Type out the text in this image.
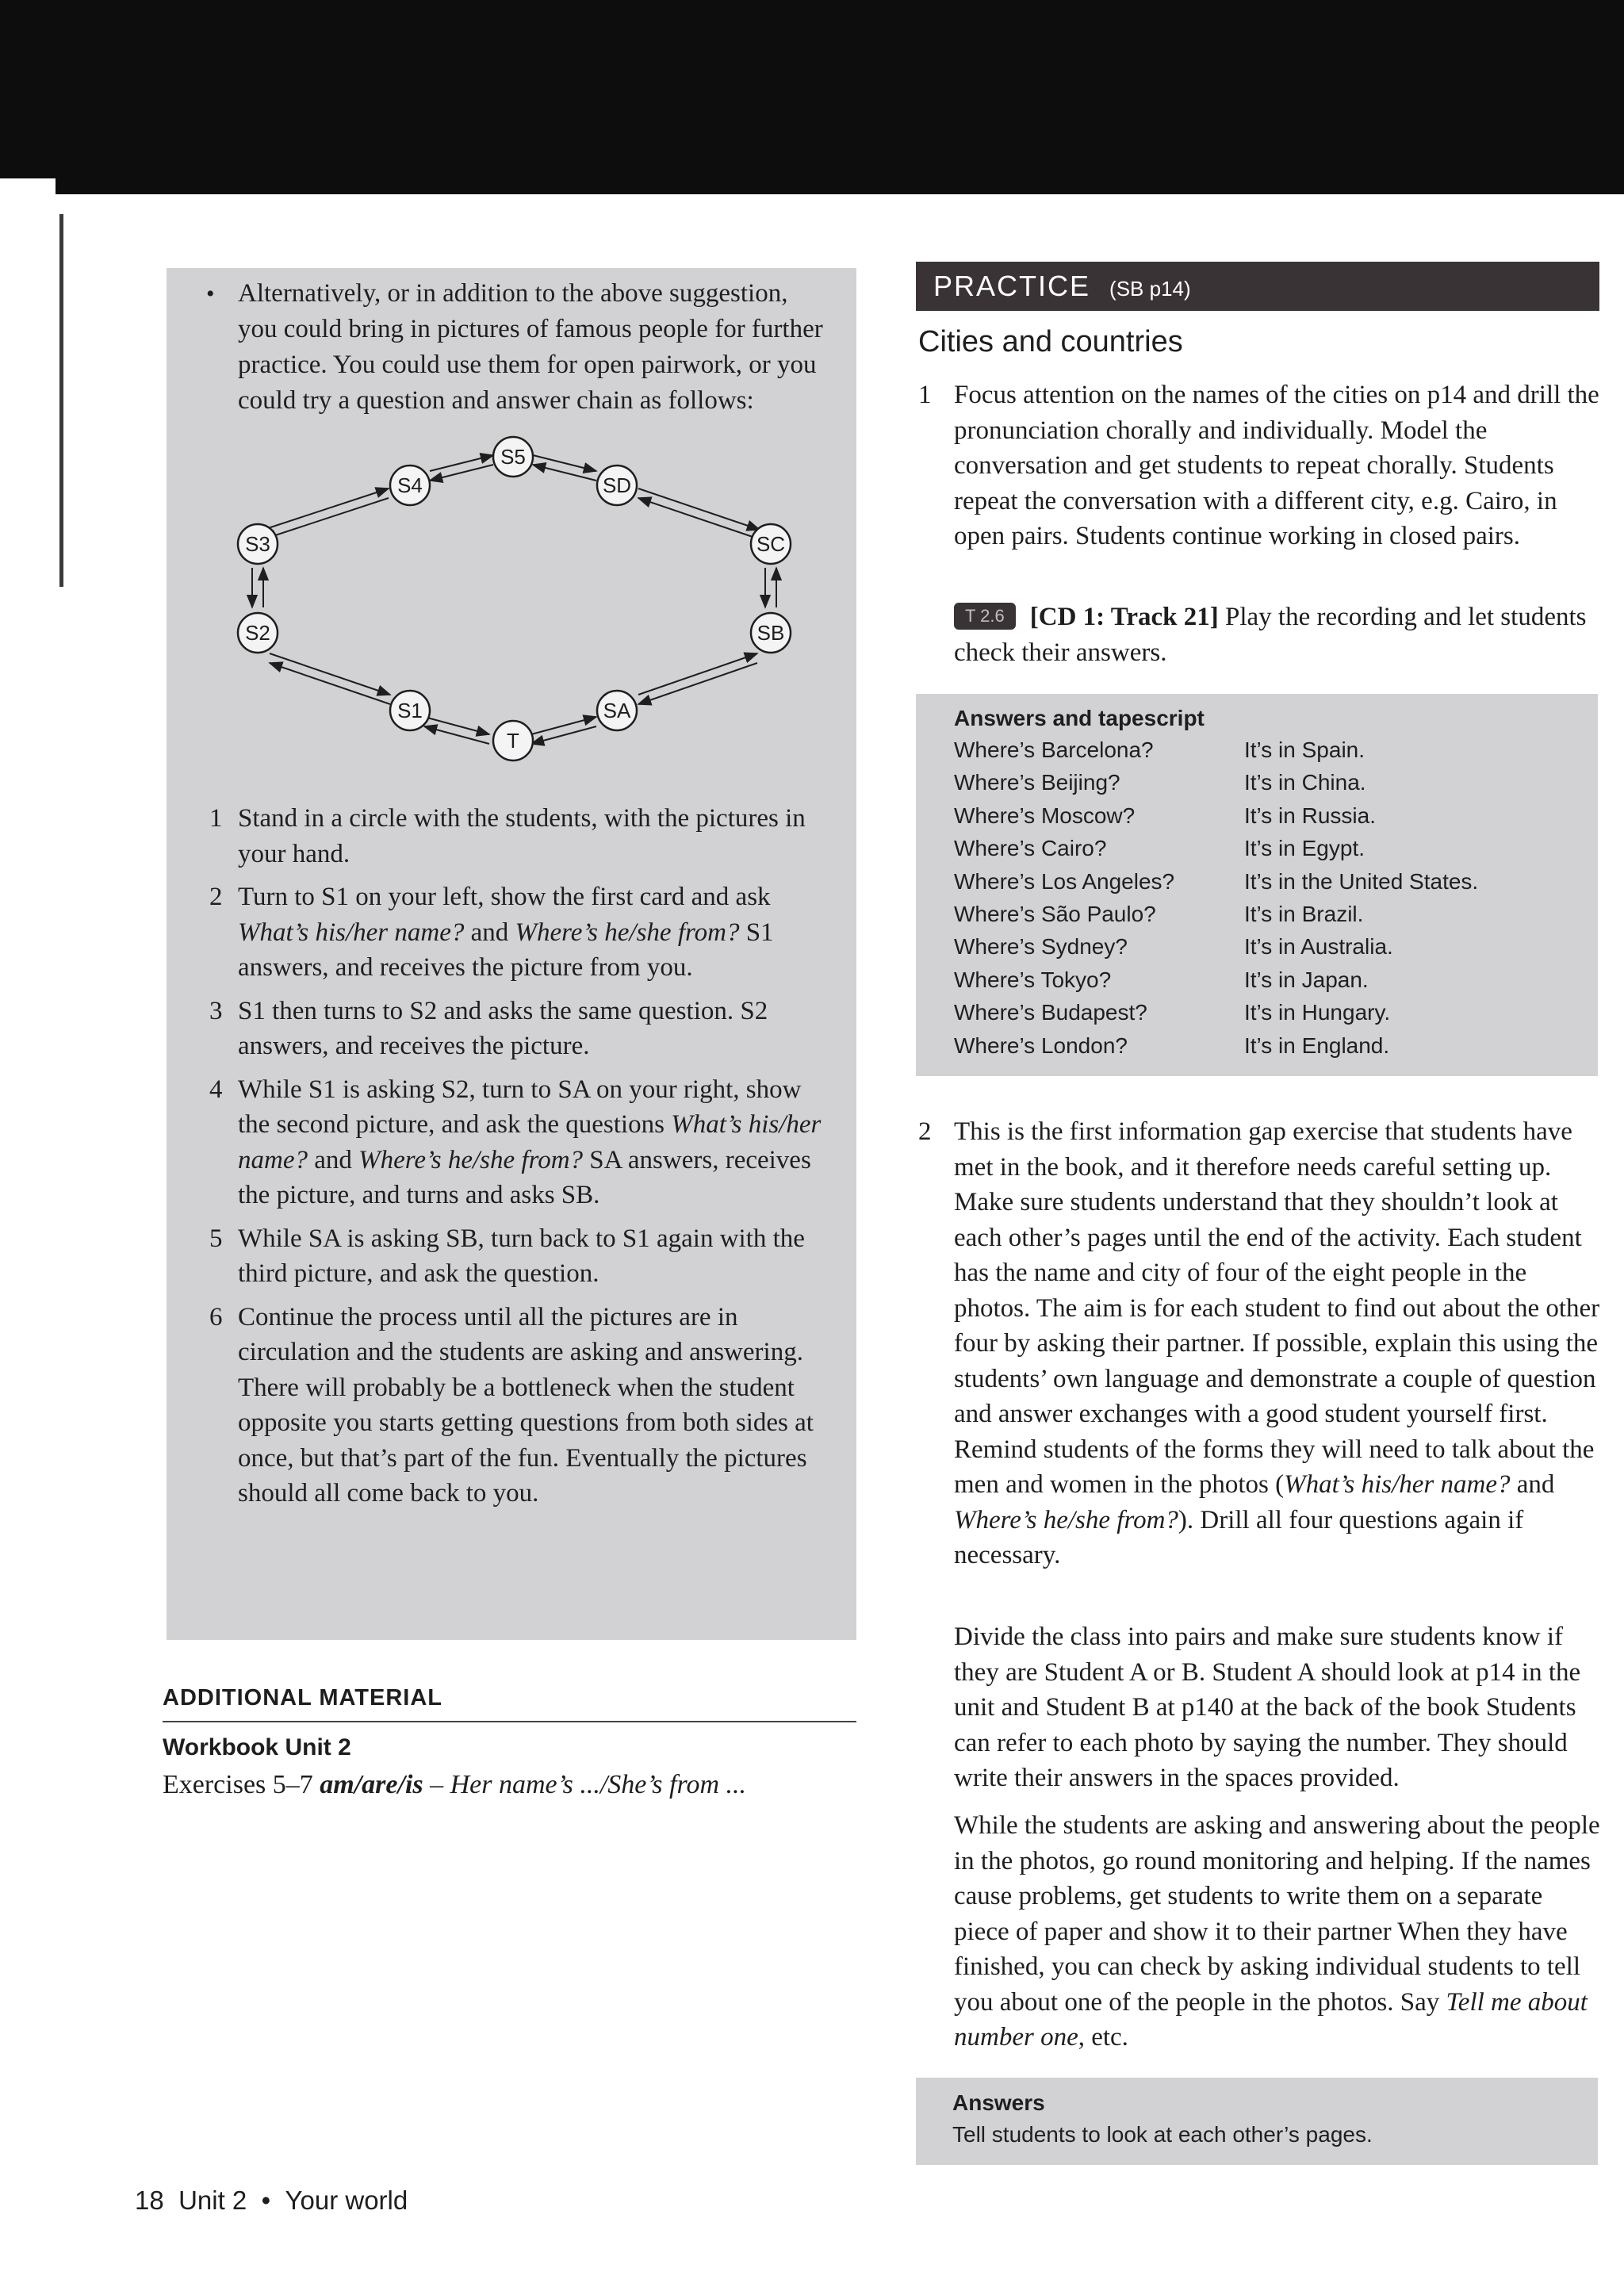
• Alternatively, or in addition to the above suggestion, you could bring in pictures of famous people for further practice. You could use them for open pairwork, or you could try a question and answer chain as follows:

S5
S4	SD
S3	SC
S2	SB
S1	SA
T
1 Stand in a circle with the students, with the pictures in your hand.
2 Turn to S1 on your left, show the first card and ask What’s his/her name? and Where’s he/she from? S1 answers, and receives the picture from you.
3 S1 then turns to S2 and asks the same question. S2 answers, and receives the picture.
4 While S1 is asking S2, turn to SA on your right, show the second picture, and ask the questions What’s his/her name? and Where’s he/she from? SA answers, receives the picture, and turns and asks SB.
5 While SA is asking SB, turn back to S1 again with the third picture, and ask the question.
6 Continue the process until all the pictures are in circulation and the students are asking and answering. There will probably be a bottleneck when the student opposite you starts getting questions from both sides at once, but that’s part of the fun. Eventually the pictures should all come back to you.
ADDITIONAL MATERIAL
Workbook Unit 2
Exercises 5–7 am/are/is – Her name’s .../She’s from ...
18 Unit 2 • Your world
PRACTICE (SB p14)
Cities and countries
1 Focus attention on the names of the cities on p14 and drill the pronunciation chorally and individually. Model the conversation and get students to repeat chorally. Students repeat the conversation with a different city, e.g. Cairo, in open pairs. Students continue working in closed pairs.
T 2.6 [CD 1: Track 21] Play the recording and let students check their answers.
Answers and tapescript
Where’s Barcelona?	It’s in Spain.
Where’s Beijing?	It’s in China.
Where’s Moscow?	It’s in Russia.
Where’s Cairo?	It’s in Egypt.
Where’s Los Angeles?	It’s in the United States.
Where’s São Paulo?	It’s in Brazil.
Where’s Sydney?	It’s in Australia.
Where’s Tokyo?	It’s in Japan.
Where’s Budapest?	It’s in Hungary.
Where’s London?	It’s in England.
2 This is the first information gap exercise that students have met in the book, and it therefore needs careful setting up. Make sure students understand that they shouldn’t look at each other’s pages until the end of the activity. Each student has the name and city of four of the eight people in the photos. The aim is for each student to find out about the other four by asking their partner. If possible, explain this using the students’ own language and demonstrate a couple of question and answer exchanges with a good student yourself first. Remind students of the forms they will need to talk about the men and women in the photos (What’s his/her name? and Where’s he/she from?). Drill all four questions again if necessary.
Divide the class into pairs and make sure students know if they are Student A or B. Student A should look at p14 in the unit and Student B at p140 at the back of the book Students can refer to each photo by saying the number. They should write their answers in the spaces provided.
While the students are asking and answering about the people in the photos, go round monitoring and helping. If the names cause problems, get students to write them on a separate piece of paper and show it to their partner When they have finished, you can check by asking individual students to tell you about one of the people in the photos. Say Tell me about number one, etc.
Answers
Tell students to look at each other’s pages.
